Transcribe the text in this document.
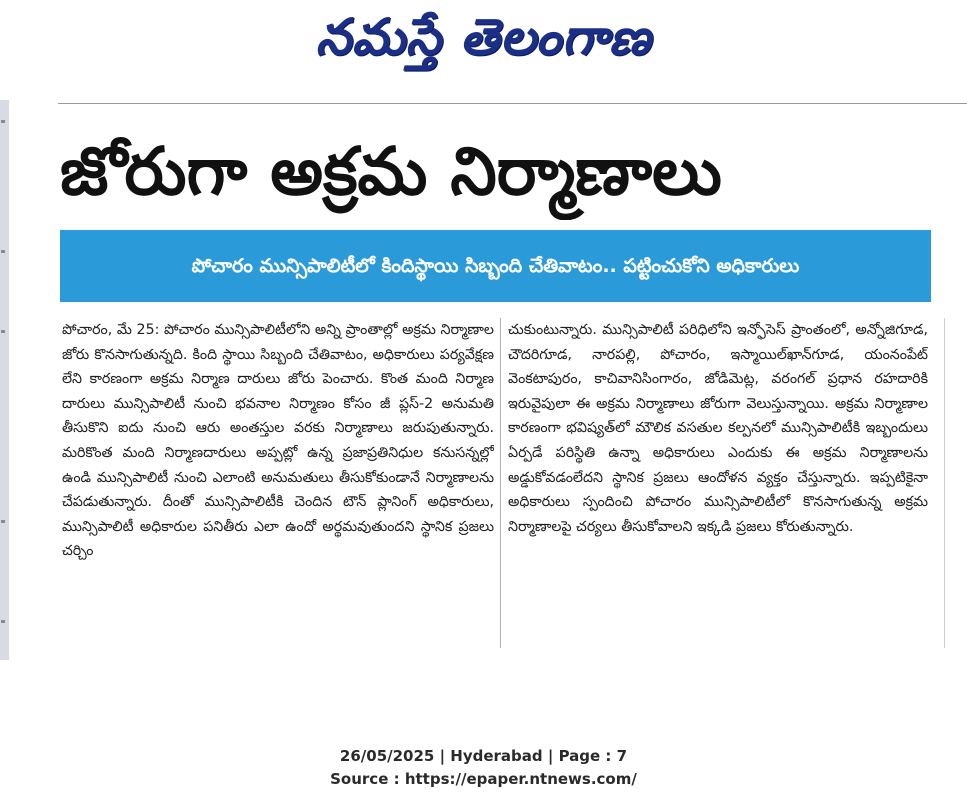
నమస్తే తెలంగాణ
జోరుగా అక్రమ నిర్మాణాలు
పోచారం మున్సిపాలిటీలో కిందిస్థాయి సిబ్బంది చేతివాటం.. పట్టించుకోని అధికారులు
పోచారం, మే 25: పోచారం మున్సిపాలిటీలోని అన్ని ప్రాంతాల్లో అక్రమ నిర్మాణాల జోరు కొనసాగుతున్నది. కింది స్థాయి సిబ్బంది చేతివాటం, అధికారులు పర్యవేక్షణ లేని కారణంగా అక్రమ నిర్మాణ దారులు జోరు పెంచారు. కొంత మంది నిర్మాణ దారులు మున్సిపాలిటీ నుంచి భవనాల నిర్మాణం కోసం జీ ప్లస్-2 అనుమతి తీసుకొని ఐదు నుంచి ఆరు అంతస్తుల వరకు నిర్మాణాలు జరుపుతున్నారు. మరికొంత మంది నిర్మాణదారులు అప్పట్లో ఉన్న ప్రజాప్రతినిధుల కనుసన్నల్లో ఉండి మున్సిపాలిటీ నుంచి ఎలాంటి అనుమతులు తీసుకోకుండానే నిర్మాణాలను చేపడుతున్నారు. దీంతో మున్సిపాలిటీకి చెందిన టౌన్ ప్లానింగ్ అధికారులు, మున్సిపాలిటీ అధికారుల పనితీరు ఎలా ఉందో అర్థమవుతుందని స్థానిక ప్రజలు చర్చిం
చుకుంటున్నారు. మున్సిపాలిటీ పరిధిలోని ఇన్ఫోసెస్ ప్రాంతంలో, అన్నోజిగూడ, చౌదరిగూడ, నారపల్లి, పోచారం, ఇస్మాయిల్‌ఖాన్‌గూడ, యంనంపేట్ వెంకటాపురం, కాచివానిసింగారం, జోడిమెట్ల, వరంగల్ ప్రధాన రహదారికి ఇరువైపులా ఈ అక్రమ నిర్మాణాలు జోరుగా వెలుస్తున్నాయి. అక్రమ నిర్మాణాల కారణంగా భవిష్యత్‌లో మౌలిక వసతుల కల్పనలో మున్సిపాలిటీకి ఇబ్బందులు ఏర్పడే పరిస్థితి ఉన్నా అధికారులు ఎందుకు ఈ అక్రమ నిర్మాణాలను అడ్డుకోవడంలేదని స్థానిక ప్రజలు ఆందోళన వ్యక్తం చేస్తున్నారు. ఇప్పటికైనా అధికారులు స్పందించి పోచారం మున్సిపాలిటీలో కొనసాగుతున్న అక్రమ నిర్మాణాలపై చర్యలు తీసుకోవాలని ఇక్కడి ప్రజలు కోరుతున్నారు.
26/05/2025 | Hyderabad | Page : 7
Source : https://epaper.ntnews.com/
